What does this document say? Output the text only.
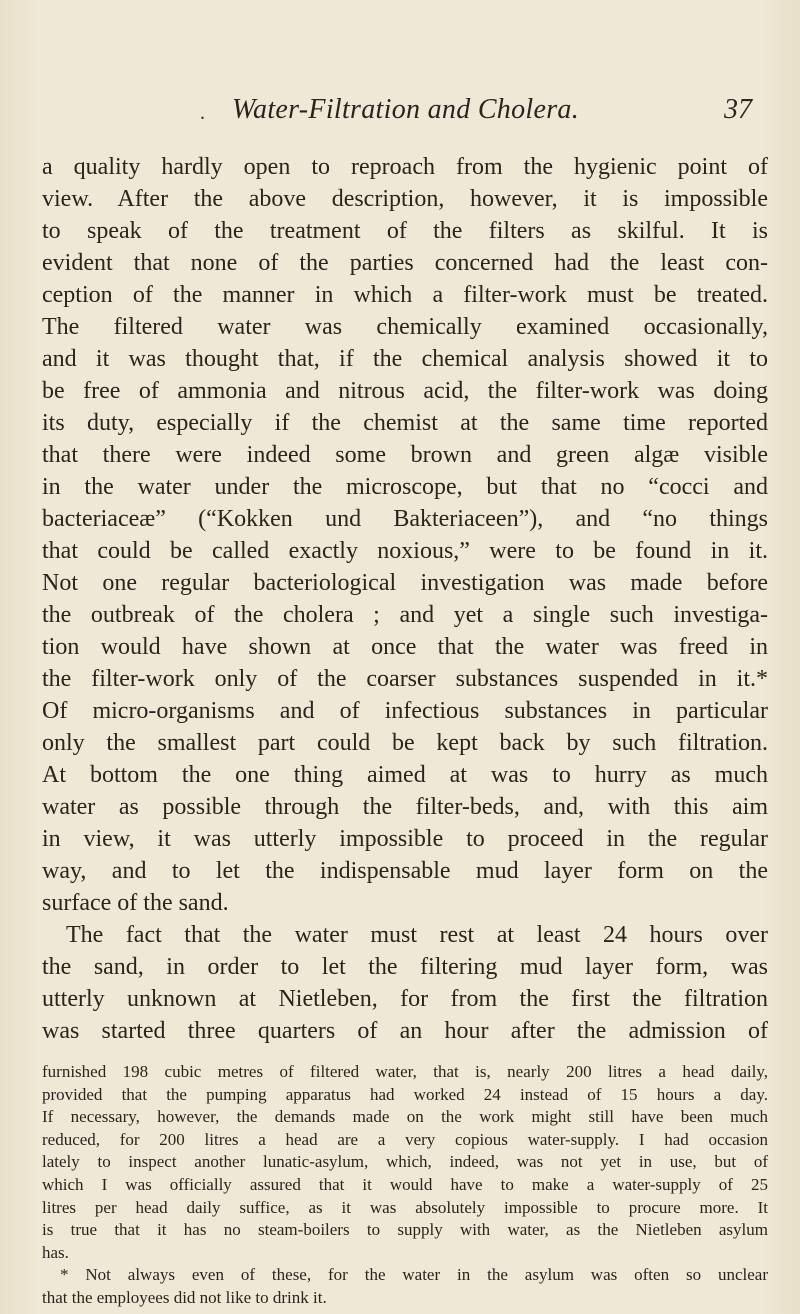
. Water-Filtration and Cholera.	37
a quality hardly open to reproach from the hygienic point of
view. After the above description, however, it is impossible
to speak of the treatment of the filters as skilful. It is
evident that none of the parties concerned had the least con-
ception of the manner in which a filter-work must be treated.
The filtered water was chemically examined occasionally,
and it was thought that, if the chemical analysis showed it to
be free of ammonia and nitrous acid, the filter-work was doing
its duty, especially if the chemist at the same time reported
that there were indeed some brown and green algæ visible
in the water under the microscope, but that no “cocci and
bacteriaceæ” (“Kokken und Bakteriaceen”), and “no things
that could be called exactly noxious,” were to be found in it.
Not one regular bacteriological investigation was made before
the outbreak of the cholera ; and yet a single such investiga-
tion would have shown at once that the water was freed in
the filter-work only of the coarser substances suspended in it.*
Of micro-organisms and of infectious substances in particular
only the smallest part could be kept back by such filtration.
At bottom the one thing aimed at was to hurry as much
water as possible through the filter-beds, and, with this aim
in view, it was utterly impossible to proceed in the regular
way, and to let the indispensable mud layer form on the
surface of the sand.
The fact that the water must rest at least 24 hours over
the sand, in order to let the filtering mud layer form, was
utterly unknown at Nietleben, for from the first the filtration
was started three quarters of an hour after the admission of
furnished 198 cubic metres of filtered water, that is, nearly 200 litres a head daily,
provided that the pumping apparatus had worked 24 instead of 15 hours a day.
If necessary, however, the demands made on the work might still have been much
reduced, for 200 litres a head are a very copious water-supply. I had occasion
lately to inspect another lunatic-asylum, which, indeed, was not yet in use, but of
which I was officially assured that it would have to make a water-supply of 25
litres per head daily suffice, as it was absolutely impossible to procure more. It
is true that it has no steam-boilers to supply with water, as the Nietleben asylum
has.
* Not always even of these, for the water in the asylum was often so unclear
that the employees did not like to drink it.
